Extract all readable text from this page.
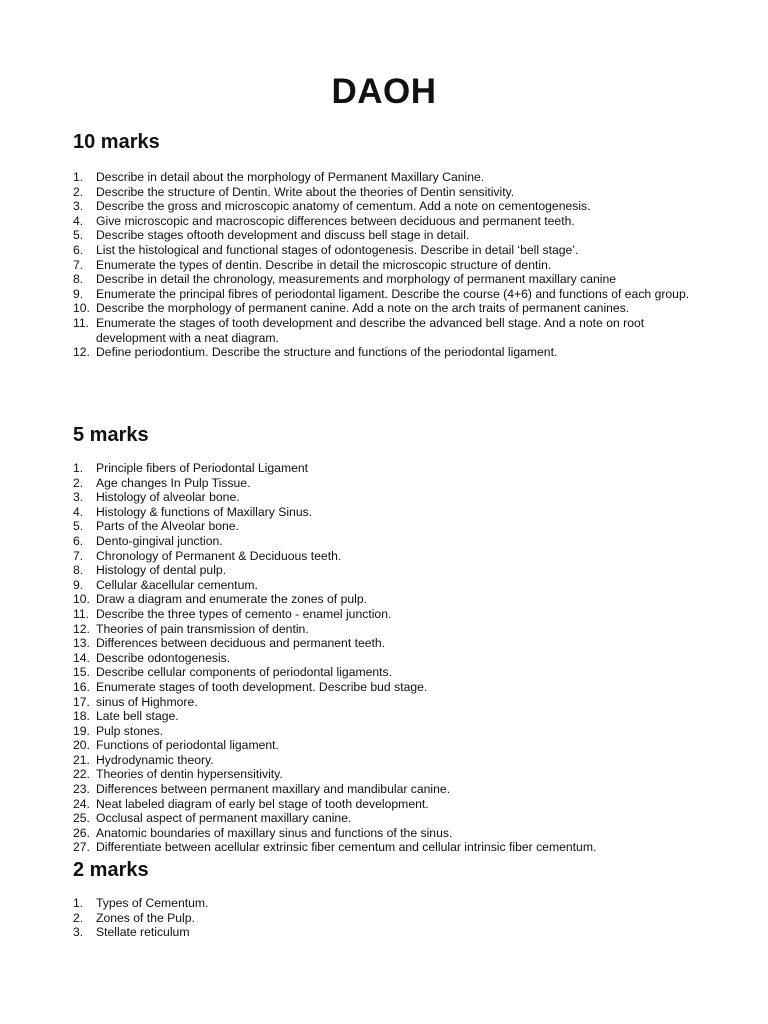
DAOH
10 marks
1.	Describe in detail about the morphology of Permanent Maxillary Canine.
2.	Describe the structure of Dentin. Write about the theories of Dentin sensitivity.
3.	Describe the gross and microscopic anatomy of cementum. Add a note on cementogenesis.
4.	Give microscopic and macroscopic differences between deciduous and permanent teeth.
5.	Describe stages oftooth development and discuss bell stage in detail.
6.	List the histological and functional stages of odontogenesis. Describe in detail ‘bell stage’.
7.	Enumerate the types of dentin. Describe in detail the microscopic structure of dentin.
8.	Describe in detail the chronology, measurements and morphology of permanent maxillary canine
9.	Enumerate the principal fibres of periodontal ligament. Describe the course (4+6) and functions of each group.
10. Describe the morphology of permanent canine. Add a note on the arch traits of permanent canines.
11. Enumerate the stages of tooth development and describe the advanced bell stage. And a note on root development with a neat diagram.
12. Define periodontium. Describe the structure and functions of the periodontal ligament.
5 marks
1.	Principle fibers of Periodontal Ligament
2.	Age changes In Pulp Tissue.
3.	Histology of alveolar bone.
4.	Histology & functions of Maxillary Sinus.
5.	Parts of the Alveolar bone.
6.	Dento-gingival junction.
7.	Chronology of Permanent & Deciduous teeth.
8.	Histology of dental pulp.
9.	Cellular &acellular cementum.
10. Draw a diagram and enumerate the zones of pulp.
11. Describe the three types of cemento - enamel junction.
12. Theories of pain transmission of dentin.
13. Differences between deciduous and permanent teeth.
14. Describe odontogenesis.
15. Describe cellular components of periodontal ligaments.
16. Enumerate stages of tooth development. Describe bud stage.
17. sinus of Highmore.
18. Late bell stage.
19. Pulp stones.
20. Functions of periodontal ligament.
21. Hydrodynamic theory.
22. Theories of dentin hypersensitivity.
23. Differences between permanent maxillary and mandibular canine.
24. Neat labeled diagram of early bel stage of tooth development.
25. Occlusal aspect of permanent maxillary canine.
26. Anatomic boundaries of maxillary sinus and functions of the sinus.
27. Differentiate between acellular extrinsic fiber cementum and cellular intrinsic fiber cementum.
2 marks
1.	Types of Cementum.
2.	Zones of the Pulp.
3.	Stellate reticulum
